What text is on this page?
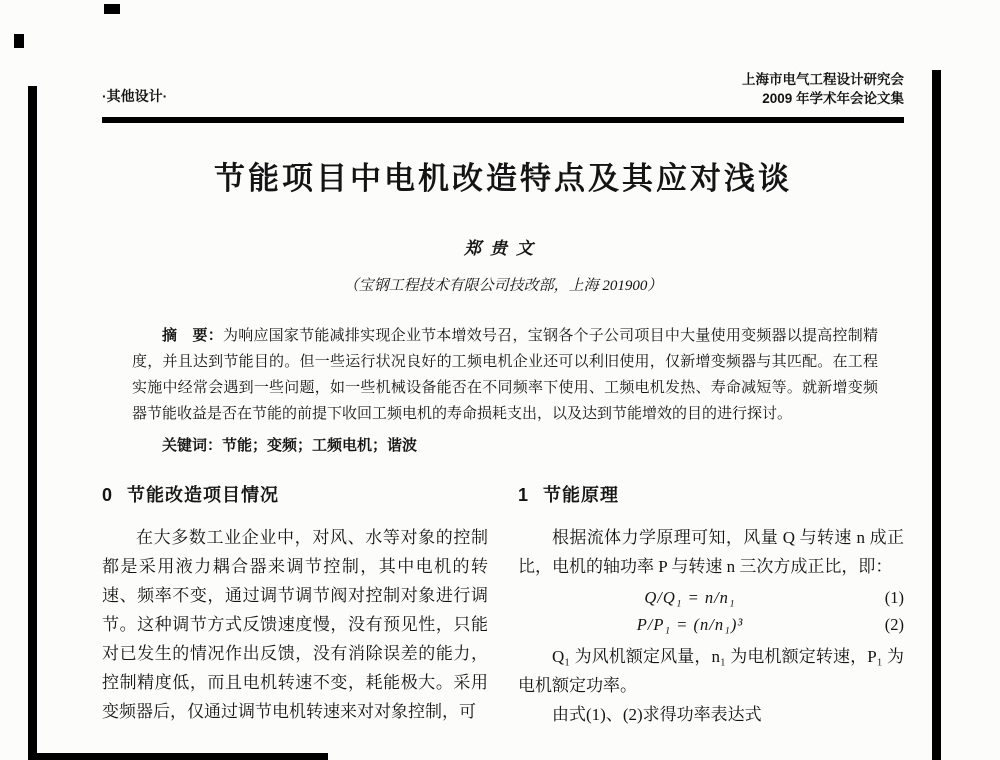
·其他设计·
上海市电气工程设计研究会
2009 年学术年会论文集
节能项目中电机改造特点及其应对浅谈
郑贵文
（宝钢工程技术有限公司技改部，上海 201900）

摘　要：为响应国家节能减排实现企业节本增效号召，宝钢各个子公司项目中大量使用变频器以提高控制精度，并且达到节能目的。但一些运行状况良好的工频电机企业还可以利旧使用，仅新增变频器与其匹配。在工程实施中经常会遇到一些问题，如一些机械设备能否在不同频率下使用、工频电机发热、寿命减短等。就新增变频器节能收益是否在节能的前提下收回工频电机的寿命损耗支出，以及达到节能增效的目的进行探讨。

关键词：节能；变频；工频电机；谐波

0 节能改造项目情况

在大多数工业企业中，对风、水等对象的控制都是采用液力耦合器来调节控制，其中电机的转速、频率不变，通过调节调节阀对控制对象进行调节。这种调节方式反馈速度慢，没有预见性，只能对已发生的情况作出反馈，没有消除误差的能力，控制精度低，而且电机转速不变，耗能极大。采用变频器后，仅通过调节电机转速来对对象控制，可

1 节能原理

根据流体力学原理可知，风量 Q 与转速 n 成正比，电机的轴功率 P 与转速 n 三次方成正比，即：

Q/Q₁ = n/n₁	(1)
P/P₁ = (n/n₁)³	(2)

Q₁ 为风机额定风量，n₁ 为电机额定转速，P₁ 为电机额定功率。

由式(1)、(2)求得功率表达式
